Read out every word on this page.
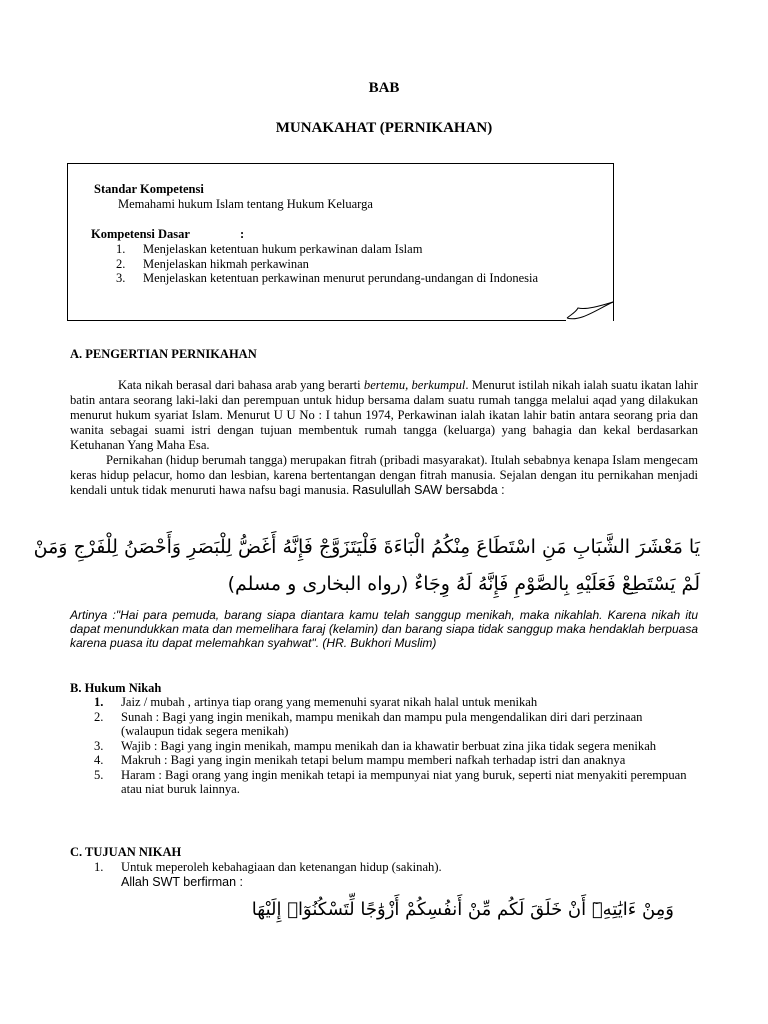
BAB
MUNAKAHAT (PERNIKAHAN)
Standar Kompetensi
Memahami hukum Islam tentang Hukum Keluarga
Kompetensi Dasar	:
1.	Menjelaskan ketentuan hukum perkawinan dalam Islam
2.	Menjelaskan hikmah perkawinan
3.	Menjelaskan ketentuan perkawinan menurut perundang-undangan di Indonesia
A. PENGERTIAN PERNIKAHAN

Kata nikah berasal dari bahasa arab yang berarti bertemu, berkumpul. Menurut istilah nikah ialah suatu ikatan lahir batin antara seorang laki-laki dan perempuan untuk hidup bersama dalam suatu rumah tangga melalui aqad yang dilakukan menurut hukum syariat Islam. Menurut U U No : I tahun 1974, Perkawinan ialah ikatan lahir batin antara seorang pria dan wanita sebagai suami istri dengan tujuan membentuk rumah tangga (keluarga) yang bahagia dan kekal berdasarkan Ketuhanan Yang Maha Esa.

Pernikahan (hidup berumah tangga) merupakan fitrah (pribadi masyarakat). Itulah sebabnya kenapa Islam mengecam keras hidup pelacur, homo dan lesbian, karena bertentangan dengan fitrah manusia. Sejalan dengan itu pernikahan menjadi kendali untuk tidak menuruti hawa nafsu bagi manusia. Rasulullah SAW bersabda :

يَا مَعْشَرَ الشَّبَابِ مَنِ اسْتَطَاعَ مِنْكُمُ الْبَاءَةَ فَلْيَتَزَوَّجْ فَإِنَّهُ أَغَضُّ لِلْبَصَرِ وَأَحْصَنُ لِلْفَرْجِ وَمَنْ
لَمْ يَسْتَطِعْ فَعَلَيْهِ بِالصَّوْمِ فَإِنَّهُ لَهُ وِجَاءٌ (رواه البخارى و مسلم)
Artinya :"Hai para pemuda, barang siapa diantara kamu telah sanggup menikah, maka nikahlah. Karena nikah itu dapat menundukkan mata dan memelihara faraj (kelamin) dan barang siapa tidak sanggup maka hendaklah berpuasa karena puasa itu dapat melemahkan syahwat". (HR. Bukhori Muslim)
B. Hukum Nikah
1.	Jaiz / mubah , artinya tiap orang yang memenuhi syarat nikah halal untuk menikah
2.	Sunah : Bagi yang ingin menikah, mampu menikah dan mampu pula mengendalikan diri dari perzinaan (walaupun tidak segera menikah)
3.	Wajib : Bagi yang ingin menikah, mampu menikah dan ia khawatir berbuat zina jika tidak segera menikah
4.	Makruh : Bagi yang ingin menikah tetapi belum mampu memberi nafkah terhadap istri dan anaknya
5.	Haram : Bagi orang yang ingin menikah tetapi ia mempunyai niat yang buruk, seperti niat menyakiti perempuan atau niat buruk lainnya.
C. TUJUAN NIKAH
1.	Untuk meperoleh kebahagiaan dan ketenangan hidup (sakinah).
Allah SWT berfirman :
وَمِنْ ءَايَٰتِهِۦٓ أَنْ خَلَقَ لَكُم مِّنْ أَنفُسِكُمْ أَزْوَٰجًا لِّتَسْكُنُوٓا۟ إِلَيْهَا
